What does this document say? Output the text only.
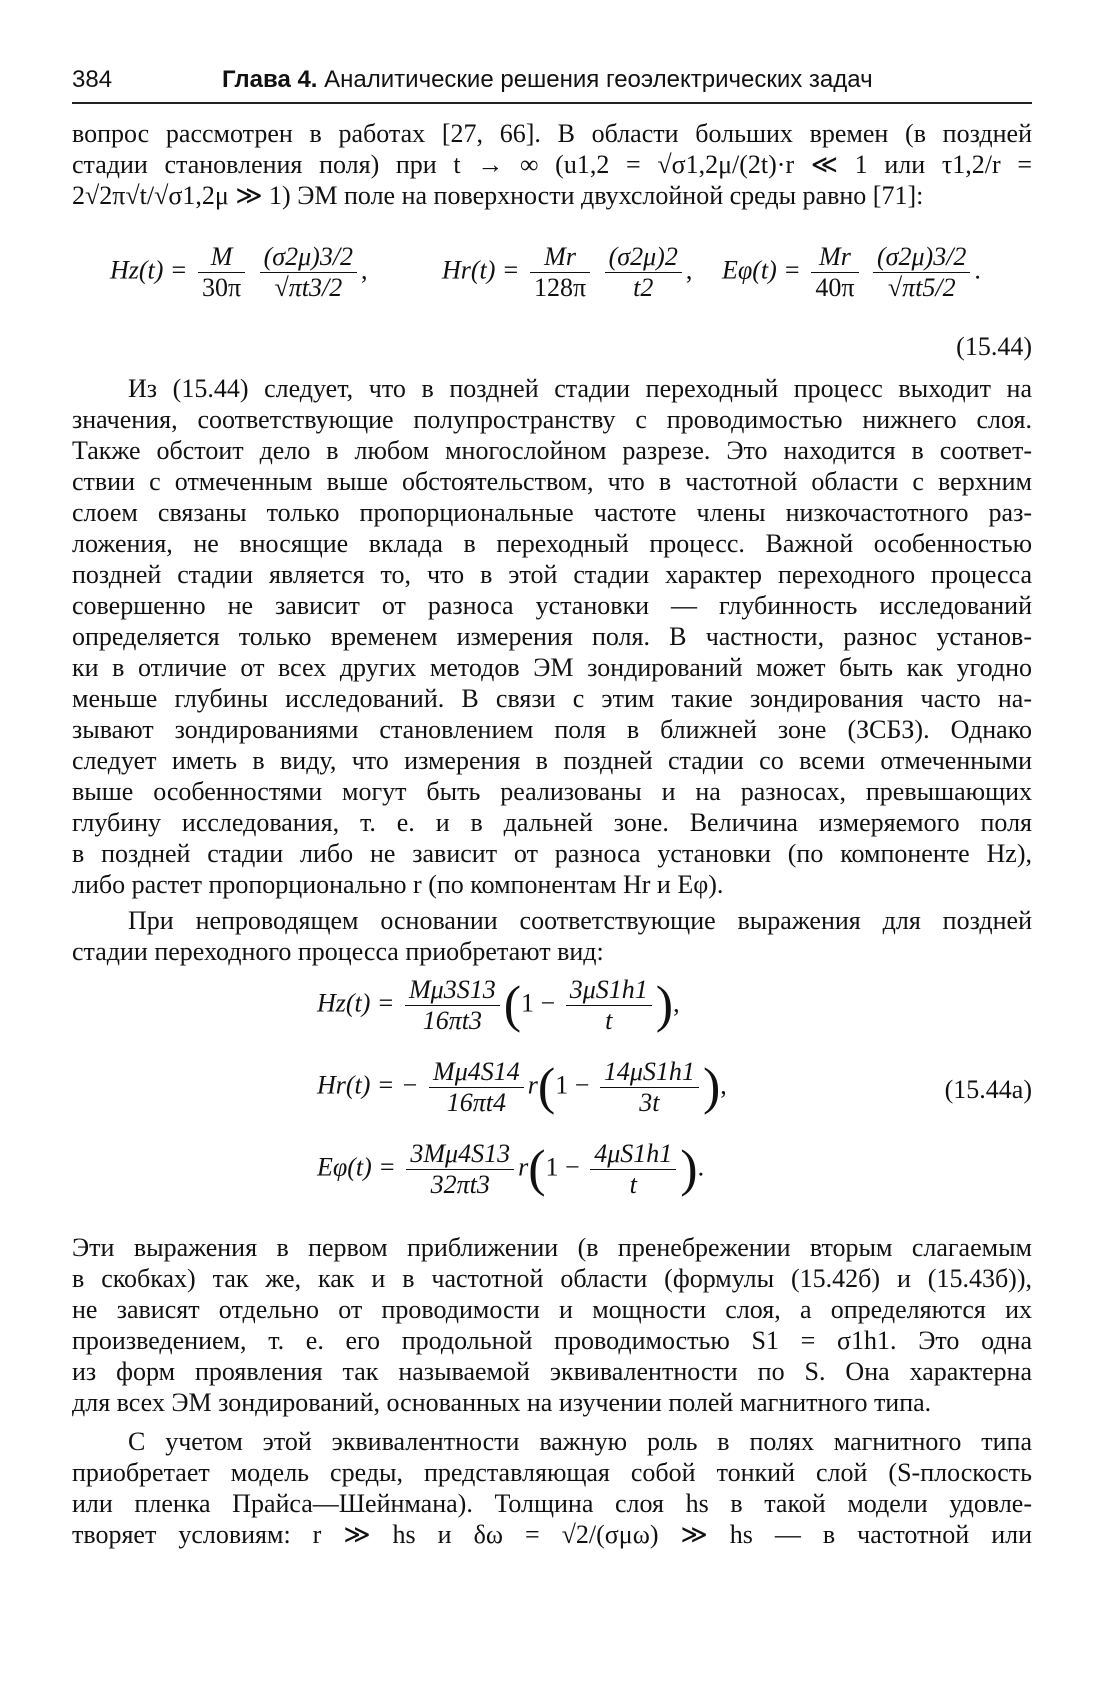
384	Глава 4. Аналитические решения геоэлектрических задач
вопрос рассмотрен в работах [27, 66]. В области больших времен (в поздней
стадии становления поля) при t → ∞ (u1,2 = √σ1,2μ/(2t)·r ≪ 1 или τ1,2/r =
2√2π√t/√σ1,2μ ≫ 1) ЭМ поле на поверхности двухслойной среды равно [71]:
$Hz(t) = \frac{M}{30\pi}$
$\frac{(\sigma 2\mu)3/2}{√\pi t3/2}$ ,	$Hr(t) = \frac{Mr}{128\pi}$
$\frac{(\sigma 2\mu)2}{t2}$ , $E\varphi(t) = \frac{Mr}{40\pi}$
$\frac{(\sigma 2\mu)3/2}{√\pi t5/2}$ .
(15.44)
Из (15.44) следует, что в поздней стадии переходный процесс выходит на
значения, соответствующие полупространству с проводимостью нижнего слоя.
Также обстоит дело в любом многослойном разрезе. Это находится в соответ-
ствии с отмеченным выше обстоятельством, что в частотной области с верхним
слоем связаны только пропорциональные частоте члены низкочастотного раз-
ложения, не вносящие вклада в переходный процесс. Важной особенностью
поздней стадии является то, что в этой стадии характер переходного процесса
совершенно не зависит от разноса установки — глубинность исследований
определяется только временем измерения поля. В частности, разнос установ-
ки в отличие от всех других методов ЭМ зондирований может быть как угодно
меньше глубины исследований. В связи с этим такие зондирования часто на-
зывают зондированиями становлением поля в ближней зоне (ЗСБЗ). Однако
следует иметь в виду, что измерения в поздней стадии со всеми отмеченными
выше особенностями могут быть реализованы и на разносах, превышающих
глубину исследования, т. е. и в дальней зоне. Величина измеряемого поля
в поздней стадии либо не зависит от разноса установки (по компоненте Hz),
либо растет пропорционально r (по компонентам Hr и Eφ).
При непроводящем основании соответствующие выражения для поздней
стадии переходного процесса приобретают вид:
$Hz(t) = \frac{M\mu 3S13}{16\pi t3} (1 - \frac{3\mu S1h1}{t}$ ),
Hr(t) = − $\frac{M\mu 4S14}{16\pi t4} r(1 - \frac{14\mu S1h1}{3t}$ ),
$E\varphi(t) = \frac{3M\mu 4S13}{32\pi t3} r(1 - \frac{4\mu S1h1}{t}$ ).
(15.44a)
Эти выражения в первом приближении (в пренебрежении вторым слагаемым
в скобках) так же, как и в частотной области (формулы (15.42б) и (15.43б)),
не зависят отдельно от проводимости и мощности слоя, а определяются их
произведением, т. е. его продольной проводимостью S1 = σ1h1. Это одна
из форм проявления так называемой эквивалентности по S. Она характерна
для всех ЭМ зондирований, основанных на изучении полей магнитного типа.
С учетом этой эквивалентности важную роль в полях магнитного типа
приобретает модель среды, представляющая собой тонкий слой (S-плоскость
или пленка Прайса—Шейнмана). Толщина слоя hs в такой модели удовле-
творяет условиям: r ≫ hs и δω = √2/(σμω) ≫ hs — в частотной или
